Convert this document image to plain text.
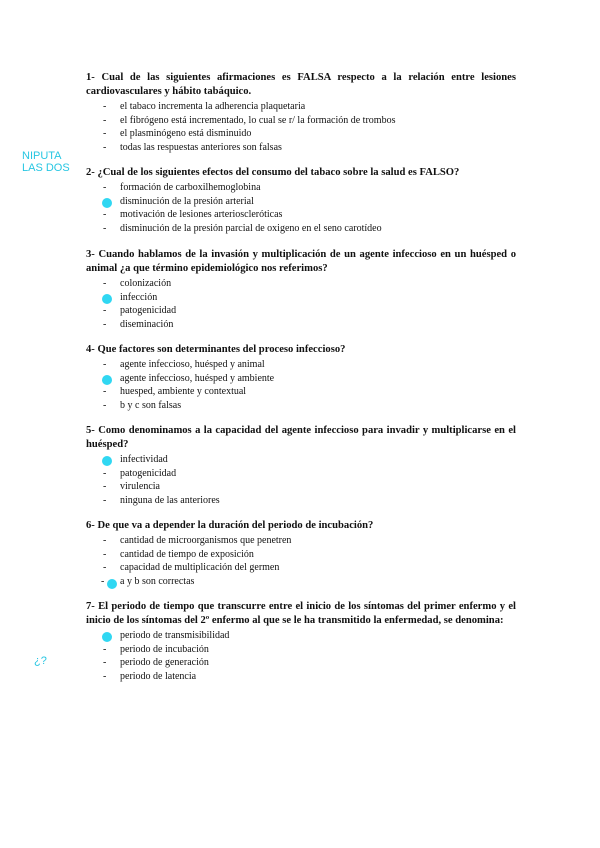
NIPUTA
LAS DOS
¿?
1- Cual de las siguientes afirmaciones es FALSA respecto a la relación entre lesiones cardiovasculares y hábito tabáquico.
-	el tabaco incrementa la adherencia plaquetaria
-	el fibrógeno está incrementado, lo cual se r/ la formación de trombos
-	el plasminógeno está disminuido
-	todas las respuestas anteriores son falsas
2- ¿Cual de los siguientes efectos del consumo del tabaco sobre la salud es FALSO?
-	formación de carboxilhemoglobina
disminución de la presión arterial
-	motivación de lesiones arterioscleróticas
-	disminución de la presión parcial de oxigeno en el seno carotídeo
3- Cuando hablamos de la invasión y multiplicación de un agente infeccioso en un huésped o animal ¿a que término epidemiológico nos referimos?
-	colonización
infección
-	patogenicidad
-	diseminación
4- Que factores son determinantes del proceso infeccioso?
-	agente infeccioso, huésped y animal
agente infeccioso, huésped y ambiente
-	huesped, ambiente y contextual
-	b y c son falsas
5- Como denominamos a la capacidad del agente infeccioso para invadir y multiplicarse en el huésped?
infectividad
-	patogenicidad
-	virulencia
-	ninguna de las anteriores
6- De que va a depender la duración del periodo de incubación?
-	cantidad de microorganismos que penetren
-	cantidad de tiempo de exposición
-	capacidad de multiplicación del germen
-	a y b son correctas
7- El periodo de tiempo que transcurre entre el inicio de los síntomas del primer enfermo y el inicio de los síntomas del 2º enfermo al que se le ha transmitido la enfermedad, se denomina:
periodo de transmisibilidad
-	periodo de incubación
-	periodo de generación
-	periodo de latencia
